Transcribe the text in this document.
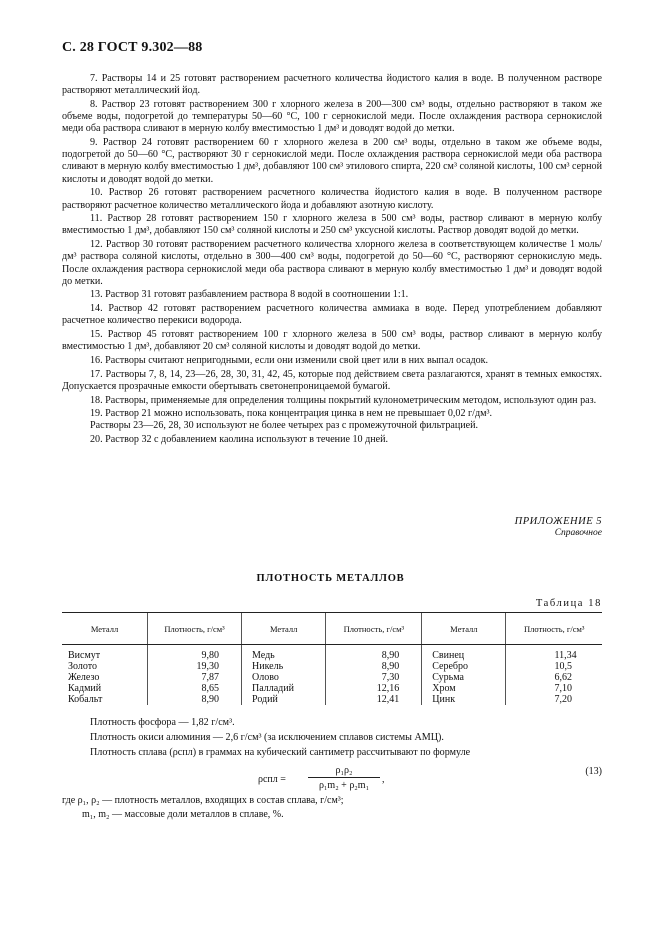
С. 28 ГОСТ 9.302—88

7. Растворы 14 и 25 готовят растворением расчетного количества йодистого калия в воде. В полученном растворе растворяют металлический йод.

8. Раствор 23 готовят растворением 300 г хлорного железа в 200—300 см³ воды, отдельно растворяют в таком же объеме воды, подогретой до температуры 50—60 °С, 100 г сернокислой меди. После охлаждения раствора сернокислой меди оба раствора сливают в мерную колбу вместимостью 1 дм³ и доводят водой до метки.

9. Раствор 24 готовят растворением 60 г хлорного железа в 200 см³ воды, отдельно в таком же объеме воды, подогретой до 50—60 °С, растворяют 30 г сернокислой меди. После охлаждения раствора сернокислой меди оба раствора сливают в мерную колбу вместимостью 1 дм³, добавляют 100 см³ этилового спирта, 220 см³ соляной кислоты, 100 см³ серной кислоты и доводят водой до метки.

10. Раствор 26 готовят растворением расчетного количества йодистого калия в воде. В полученном растворе растворяют расчетное количество металлического йода и добавляют азотную кислоту.

11. Раствор 28 готовят растворением 150 г хлорного железа в 500 см³ воды, раствор сливают в мерную колбу вместимостью 1 дм³, добавляют 150 см³ соляной кислоты и 250 см³ уксусной кислоты. Раствор доводят водой до метки.

12. Раствор 30 готовят растворением расчетного количества хлорного железа в соответствующем количестве 1 моль/дм³ раствора соляной кислоты, отдельно в 300—400 см³ воды, подогретой до 50—60 °С, растворяют сернокислую медь. После охлаждения раствора сернокислой меди оба раствора сливают в мерную колбу вместимостью 1 дм³ и доводят водой до метки.

13. Раствор 31 готовят разбавлением раствора 8 водой в соотношении 1:1.

14. Раствор 42 готовят растворением расчетного количества аммиака в воде. Перед употреблением добавляют расчетное количество перекиси водорода.

15. Раствор 45 готовят растворением 100 г хлорного железа в 500 см³ воды, раствор сливают в мерную колбу вместимостью 1 дм³, добавляют 20 см³ соляной кислоты и доводят водой до метки.

16. Растворы считают непригодными, если они изменили свой цвет или в них выпал осадок.

17. Растворы 7, 8, 14, 23—26, 28, 30, 31, 42, 45, которые под действием света разлагаются, хранят в темных емкостях. Допускается прозрачные емкости обертывать светонепроницаемой бумагой.

18. Растворы, применяемые для определения толщины покрытий кулонометрическим методом, используют один раз.

19. Раствор 21 можно использовать, пока концентрация цинка в нем не превышает 0,02 г/дм³.

Растворы 23—26, 28, 30 используют не более четырех раз с промежуточной фильтрацией.

20. Раствор 32 с добавлением каолина используют в течение 10 дней.

ПРИЛОЖЕНИЕ 5
Справочное
ПЛОТНОСТЬ МЕТАЛЛОВ
Таблица 18
Металл	Плотность, г/см³	Металл	Плотность, г/см³	Металл	Плотность, г/см³
Висмут	9,80	Медь	8,90	Свинец	11,34
Золото	19,30	Никель	8,90	Серебро	10,5
Железо	7,87	Олово	7,30	Сурьма	6,62
Кадмий	8,65	Палладий	12,16	Хром	7,10
Кобальт	8,90	Родий	12,41	Цинк	7,20
Плотность фосфора — 1,82 г/см³.
Плотность окиси алюминия — 2,6 г/см³ (за исключением сплавов системы АМЦ).
Плотность сплава (ρспл) в граммах на кубический сантиметр рассчитывают по формуле
$\rho спл = \frac{\text{ρ₁ρ₂}}{\text{ρ₁m₂ + ρ₂m₁}}$ ,
(13)
где ρ₁, ρ₂ — плотность металлов, входящих в состав сплава, г/см³;
m₁, m₂ — массовые доли металлов в сплаве, %.
